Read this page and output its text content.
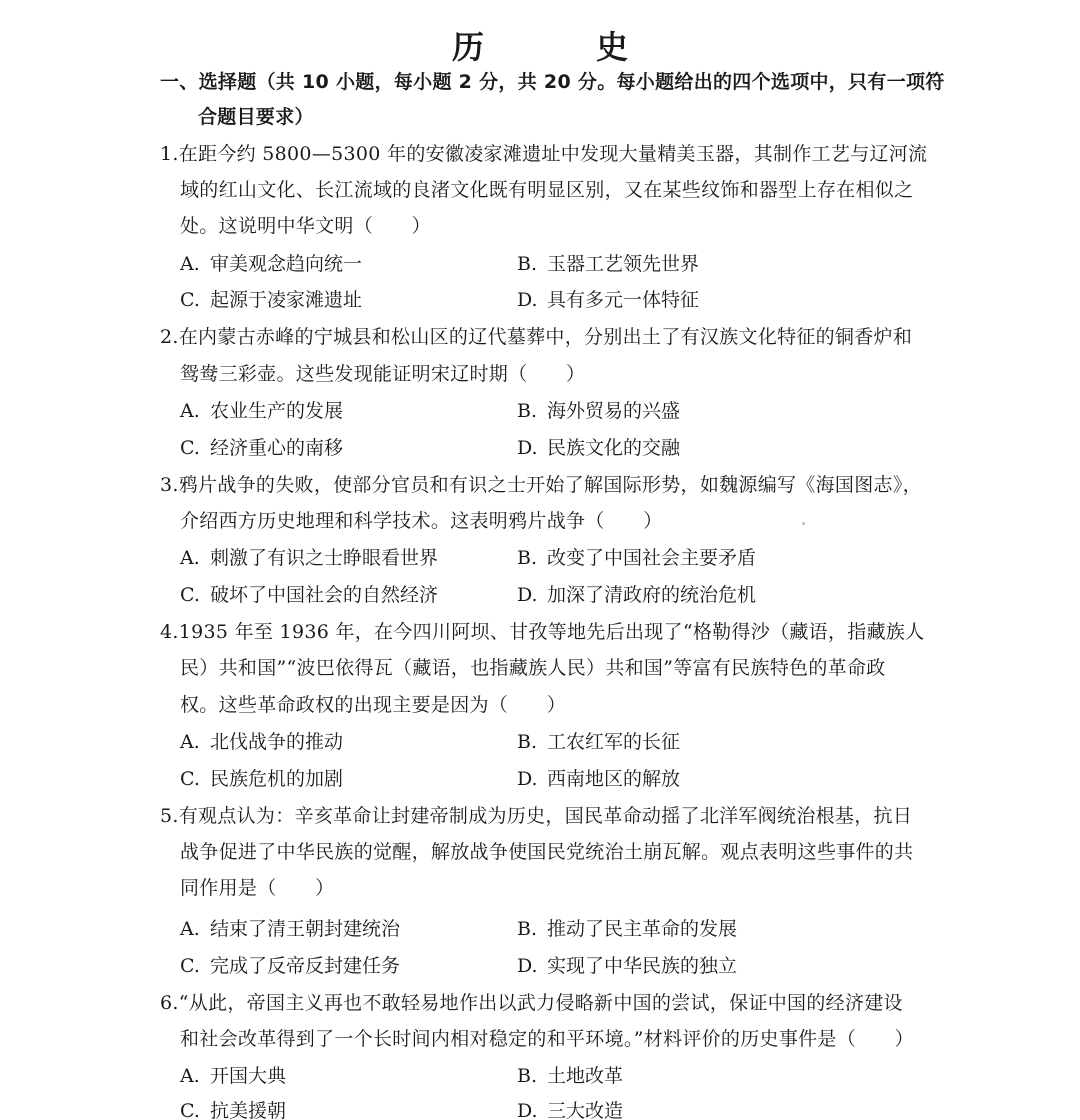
历　史
一、选择题（共 10 小题，每小题 2 分，共 20 分。每小题给出的四个选项中，只有一项符
合题目要求）
1.在距今约 5800—5300 年的安徽凌家滩遗址中发现大量精美玉器，其制作工艺与辽河流
域的红山文化、长江流域的良渚文化既有明显区别，又在某些纹饰和器型上存在相似之
处。这说明中华文明（　　）
A. 审美观念趋向统一	B. 玉器工艺领先世界
C. 起源于凌家滩遗址	D. 具有多元一体特征
2.在内蒙古赤峰的宁城县和松山区的辽代墓葬中，分别出土了有汉族文化特征的铜香炉和
鸳鸯三彩壶。这些发现能证明宋辽时期（　　）
A. 农业生产的发展	B. 海外贸易的兴盛
C. 经济重心的南移	D. 民族文化的交融
3.鸦片战争的失败，使部分官员和有识之士开始了解国际形势，如魏源编写《海国图志》，
介绍西方历史地理和科学技术。这表明鸦片战争（　　）
A. 刺激了有识之士睁眼看世界	B. 改变了中国社会主要矛盾
C. 破坏了中国社会的自然经济	D. 加深了清政府的统治危机
4.1935 年至 1936 年，在今四川阿坝、甘孜等地先后出现了“格勒得沙（藏语，指藏族人
民）共和国”“波巴依得瓦（藏语，也指藏族人民）共和国”等富有民族特色的革命政
权。这些革命政权的出现主要是因为（　　）
A. 北伐战争的推动	B. 工农红军的长征
C. 民族危机的加剧	D. 西南地区的解放
5.有观点认为：辛亥革命让封建帝制成为历史，国民革命动摇了北洋军阀统治根基，抗日
战争促进了中华民族的觉醒，解放战争使国民党统治土崩瓦解。观点表明这些事件的共
同作用是（　　）
A. 结束了清王朝封建统治	B. 推动了民主革命的发展
C. 完成了反帝反封建任务	D. 实现了中华民族的独立
6.“从此，帝国主义再也不敢轻易地作出以武力侵略新中国的尝试，保证中国的经济建设
和社会改革得到了一个长时间内相对稳定的和平环境。”材料评价的历史事件是（　　）
A. 开国大典	B. 土地改革
C. 抗美援朝	D. 三大改造
